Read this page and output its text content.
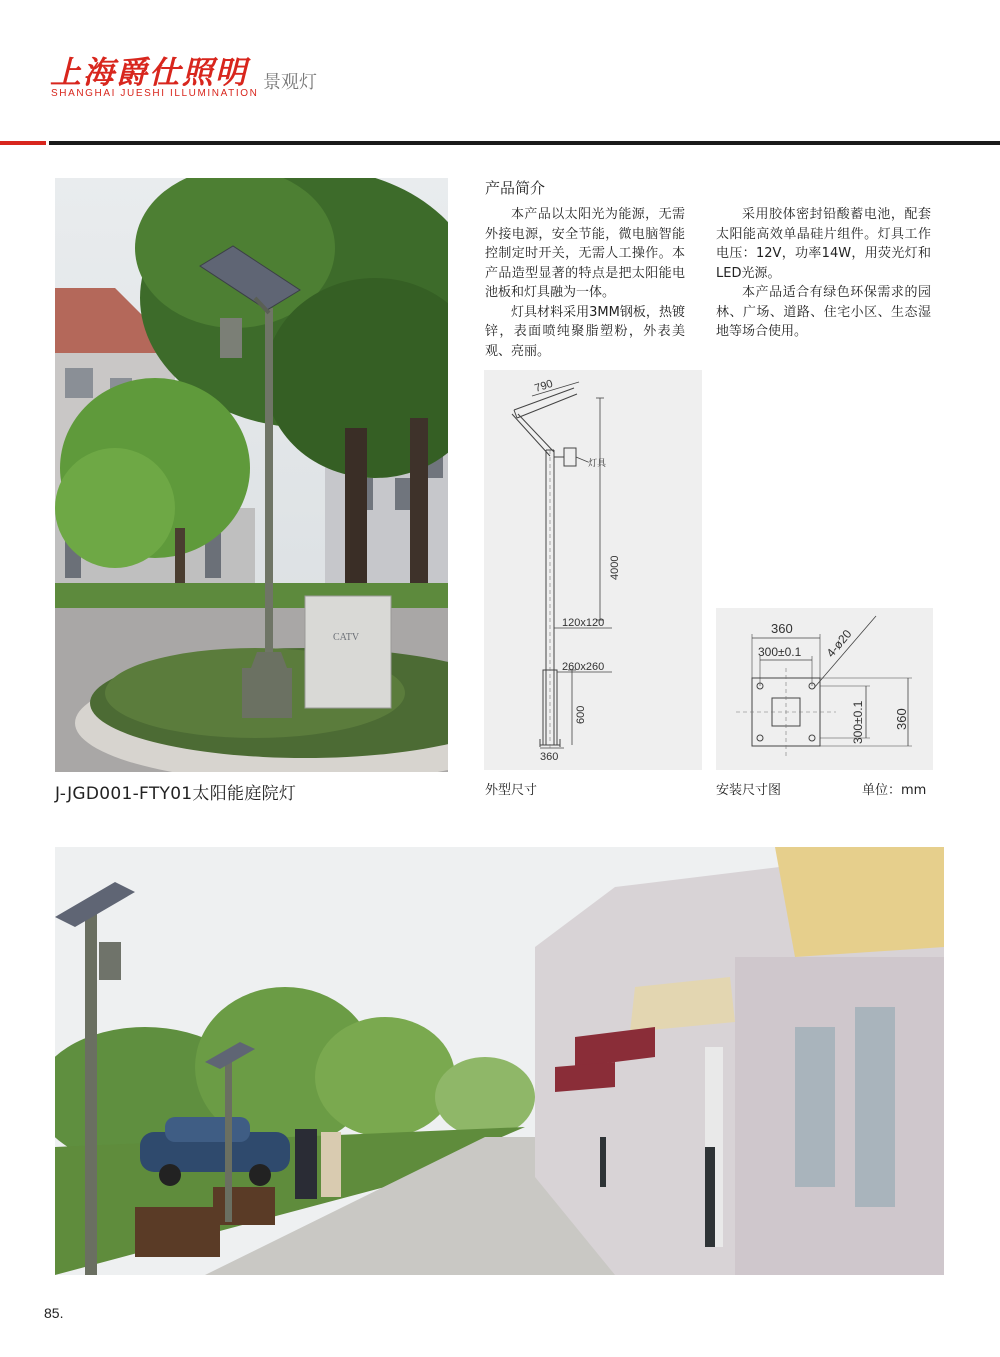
上海爵仕照明
SHANGHAI JUESHI ILLUMINATION
景观灯
CATV
J-JGD001-FTY01太阳能庭院灯
产品简介

本产品以太阳光为能源，无需外接电源，安全节能，微电脑智能控制定时开关，无需人工操作。本产品造型显著的特点是把太阳能电池板和灯具融为一体。

灯具材料采用3MM钢板，热镀锌，表面喷纯聚脂塑粉，外表美观、亮丽。

采用胶体密封铅酸蓄电池，配套太阳能高效单晶硅片组件。灯具工作电压：12V，功率14W，用荧光灯和LED光源。

本产品适合有绿色环保需求的园林、广场、道路、住宅小区、生态湿地等场合使用。

790
灯具
4000
120x120
260x260
600
360
360
300±0.1 4-ø20
300±0.1 360
外型尺寸	安装尺寸图	单位：mm
85.
